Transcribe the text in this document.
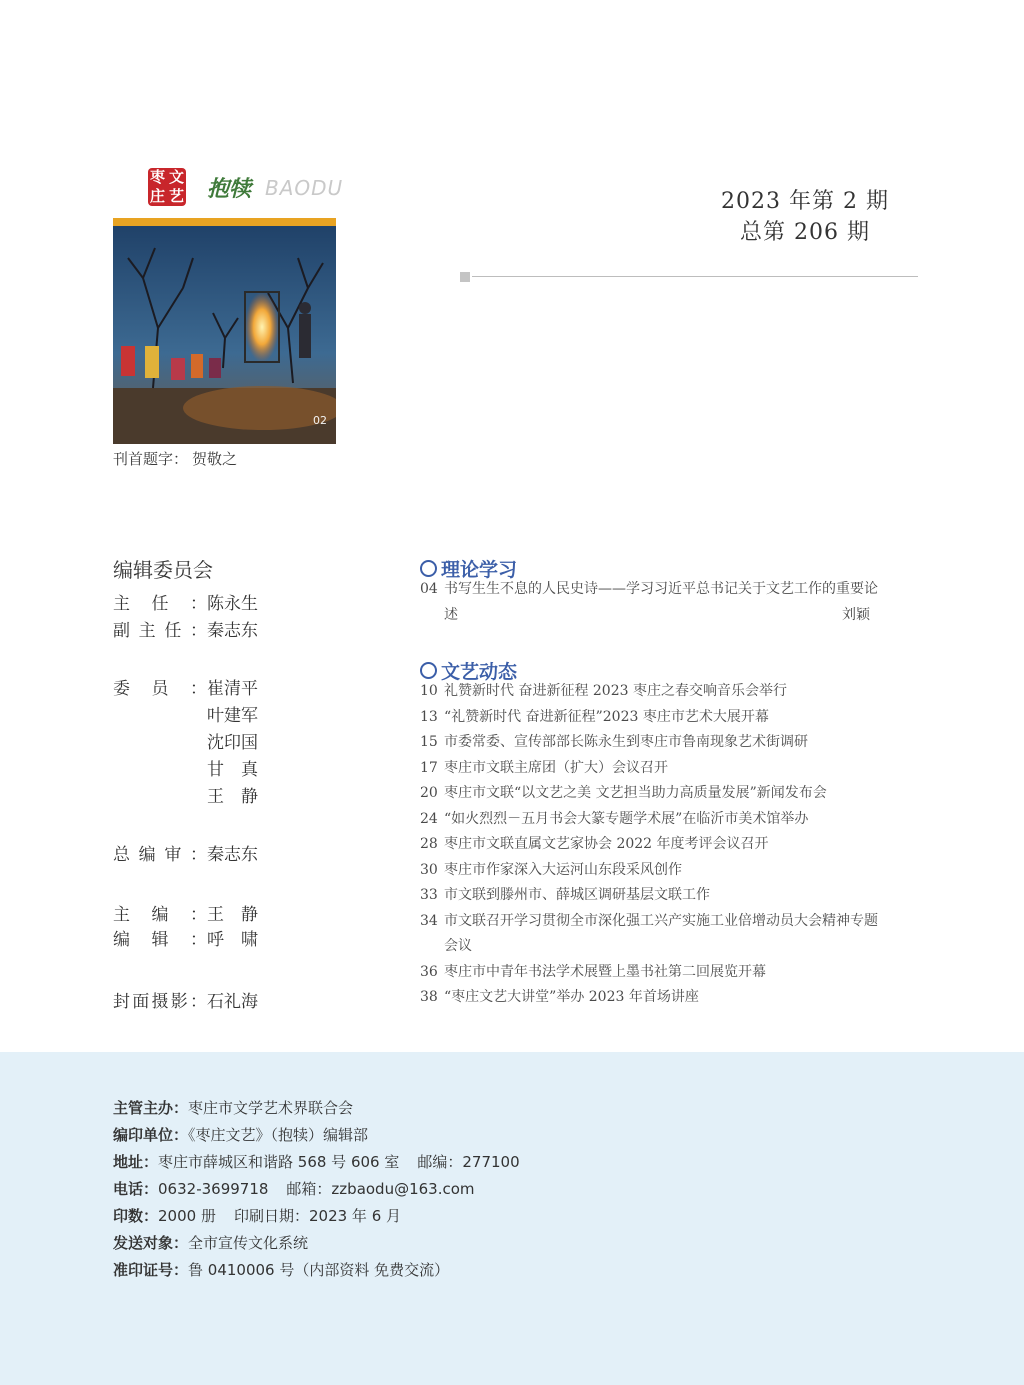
枣 文
庄 艺 抱犊 BAODU
02
刊首题字： 贺敬之
2023 年第 2 期
总第 206 期
编辑委员会
主任：陈永生
副主任：秦志东
委员： 崔清平
叶建军
沈印国
甘　真
王　静
总编审：秦志东
主编：王　静
编辑：呼　啸
封面摄影：石礼海
理论学习
04 书写生生不息的人民史诗——学习习近平总书记关于文艺工作的重要论述	刘颖
文艺动态
10 礼赞新时代 奋进新征程 2023 枣庄之春交响音乐会举行
13 “礼赞新时代 奋进新征程”2023 枣庄市艺术大展开幕
15 市委常委、宣传部部长陈永生到枣庄市鲁南现象艺术街调研
17 枣庄市文联主席团（扩大）会议召开
20 枣庄市文联“以文艺之美 文艺担当助力高质量发展”新闻发布会
24 “如火烈烈－五月书会大篆专题学术展”在临沂市美术馆举办
28 枣庄市文联直属文艺家协会 2022 年度考评会议召开
30 枣庄市作家深入大运河山东段采风创作
33 市文联到滕州市、薛城区调研基层文联工作
34 市文联召开学习贯彻全市深化强工兴产实施工业倍增动员大会精神专题会议
36 枣庄市中青年书法学术展暨上墨书社第二回展览开幕
38 “枣庄文艺大讲堂”举办 2023 年首场讲座
主管主办：枣庄市文学艺术界联合会
编印单位：《枣庄文艺》（抱犊）编辑部
地址：枣庄市薛城区和谐路 568 号 606 室 邮编：277100
电话：0632-3699718 邮箱：zzbaodu@163.com
印数：2000 册 印刷日期：2023 年 6 月
发送对象：全市宣传文化系统
准印证号：鲁 0410006 号（内部资料 免费交流）
